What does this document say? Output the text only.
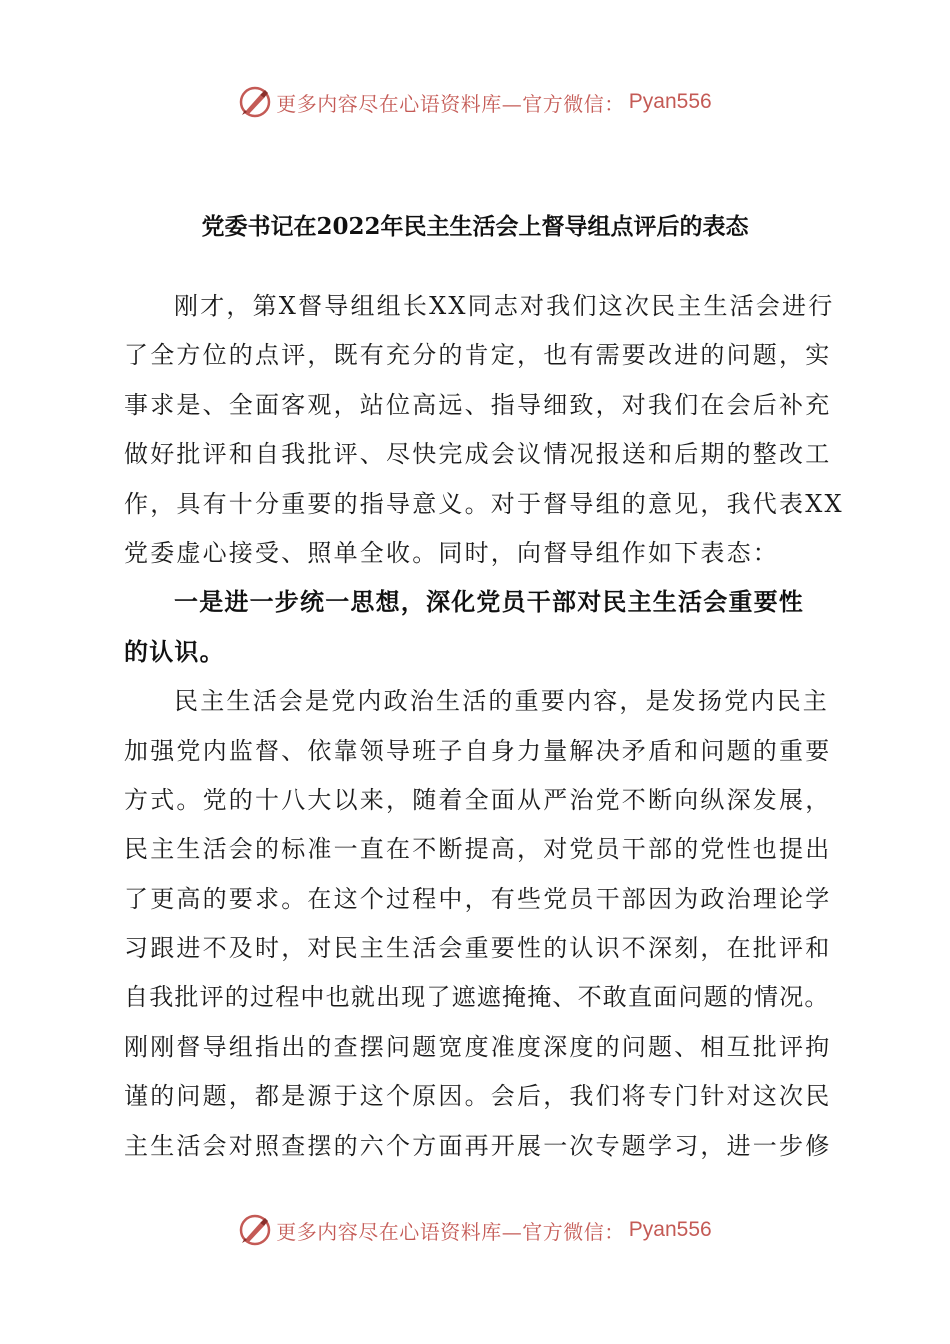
更多内容尽在心语资料库—官方微信： Pyan556
党委书记在2022年民主生活会上督导组点评后的表态
刚才，第X督导组组长XX同志对我们这次民主生活会进行
了全方位的点评，既有充分的肯定，也有需要改进的问题，实
事求是、全面客观，站位高远、指导细致，对我们在会后补充
做好批评和自我批评、尽快完成会议情况报送和后期的整改工
作，具有十分重要的指导意义。对于督导组的意见，我代表XX
党委虚心接受、照单全收。同时，向督导组作如下表态：
一是进一步统一思想，深化党员干部对民主生活会重要性
的认识。
民主生活会是党内政治生活的重要内容，是发扬党内民主
加强党内监督、依靠领导班子自身力量解决矛盾和问题的重要
方式。党的十八大以来，随着全面从严治党不断向纵深发展，
民主生活会的标准一直在不断提高，对党员干部的党性也提出
了更高的要求。在这个过程中，有些党员干部因为政治理论学
习跟进不及时，对民主生活会重要性的认识不深刻，在批评和
自我批评的过程中也就出现了遮遮掩掩、不敢直面问题的情况。
刚刚督导组指出的查摆问题宽度准度深度的问题、相互批评拘
谨的问题，都是源于这个原因。会后，我们将专门针对这次民
主生活会对照查摆的六个方面再开展一次专题学习，进一步修
更多内容尽在心语资料库—官方微信： Pyan556
